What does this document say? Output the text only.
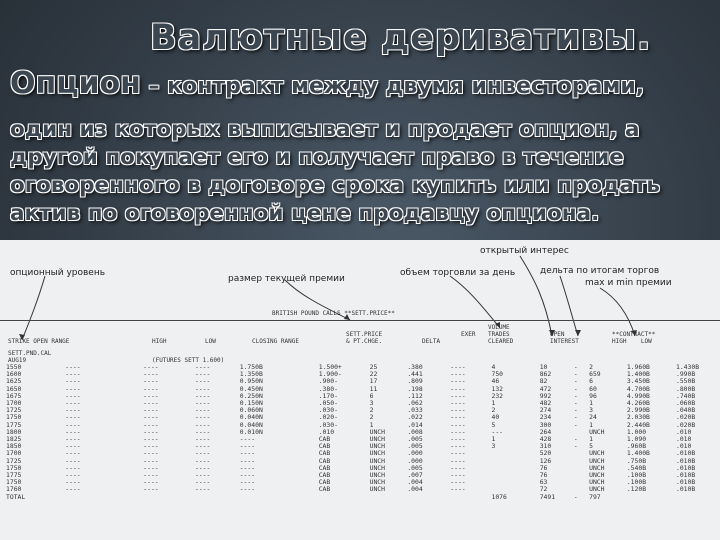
Валютные деривативы.
Опцион – контракт между двумя инвесторами,
один из которых выписывает и продает опцион, а
другой покупает его и получает право в течение
оговоренного в договоре срока купить или продать
актив по оговоренной цене продавцу опциона.
открытый интерес
опционный уровень
размер текущей премии
объем торговли за день	дельта по итогам торгов
max и min премии
BRITISH POUND CALLS **SETT.PRICE**
STRIKE OPEN RANGE	HIGH	LOW	CLOSING RANGE
SETT.PRICE
& PT.CHGE.	DELTA
EXER
VOLUME
TRADES
CLEARED
OPEN
INTEREST
**CONTRACT**
HIGH    LOW
SETT.PND.CAL
AUG19	(FUTURES SETT 1.600)
1550	----	----	----	1.750B	1.500+	25	.380	----	4	10	-	2	1.960B	1.430B
1600	----	----	----	1.350B	1.900-	22	.441	----	750	862	-	659	1.400B	.990B
1625	----	----	----	0.950N	.900-	17	.809	----	46	82	-	6	3.450B	.550B
1650	----	----	----	0.450N	.380-	11	.198	----	132	472	-	60	4.700B	.800B
1675	----	----	----	0.250N	.170-	6	.112	----	232	992	-	96	4.990B	.740B
1700	----	----	----	0.150N	.050-	3	.062	----	1	482	-	1	4.260B	.060B
1725	----	----	----	0.060N	.030-	2	.033	----	2	274	-	3	2.990B	.040B
1750	----	----	----	0.040N	.020-	2	.022	----	40	234	-	24	2.030B	.020B
1775	----	----	----	0.040N	.030-	1	.014	----	5	300	-	1	2.440B	.020B
1800	----	----	----	0.010N	.010	UNCH	.008	----	---	264		UNCH	1.000	.010
1825	----	----	----	----	CAB	UNCH	.005	----	1	428	-	1	1.090	.010
1850	----	----	----	----	CAB	UNCH	.005	----	3	310	-	5	.960B	.010
1700	----	----	----	----	CAB	UNCH	.000	----		520		UNCH	1.400B	.010B
1725	----	----	----	----	CAB	UNCH	.000	----		126		UNCH	.750B	.010B
1750	----	----	----	----	CAB	UNCH	.005	----		76		UNCH	.540B	.010B
1775	----	----	----	----	CAB	UNCH	.007	----		76		UNCH	.100B	.010B
1750	----	----	----	----	CAB	UNCH	.004	----		63		UNCH	.100B	.010B
1760	----	----	----	----	CAB	UNCH	.004	----		72		UNCH	.120B	.010B
TOTAL									1076	7491	-	797		
